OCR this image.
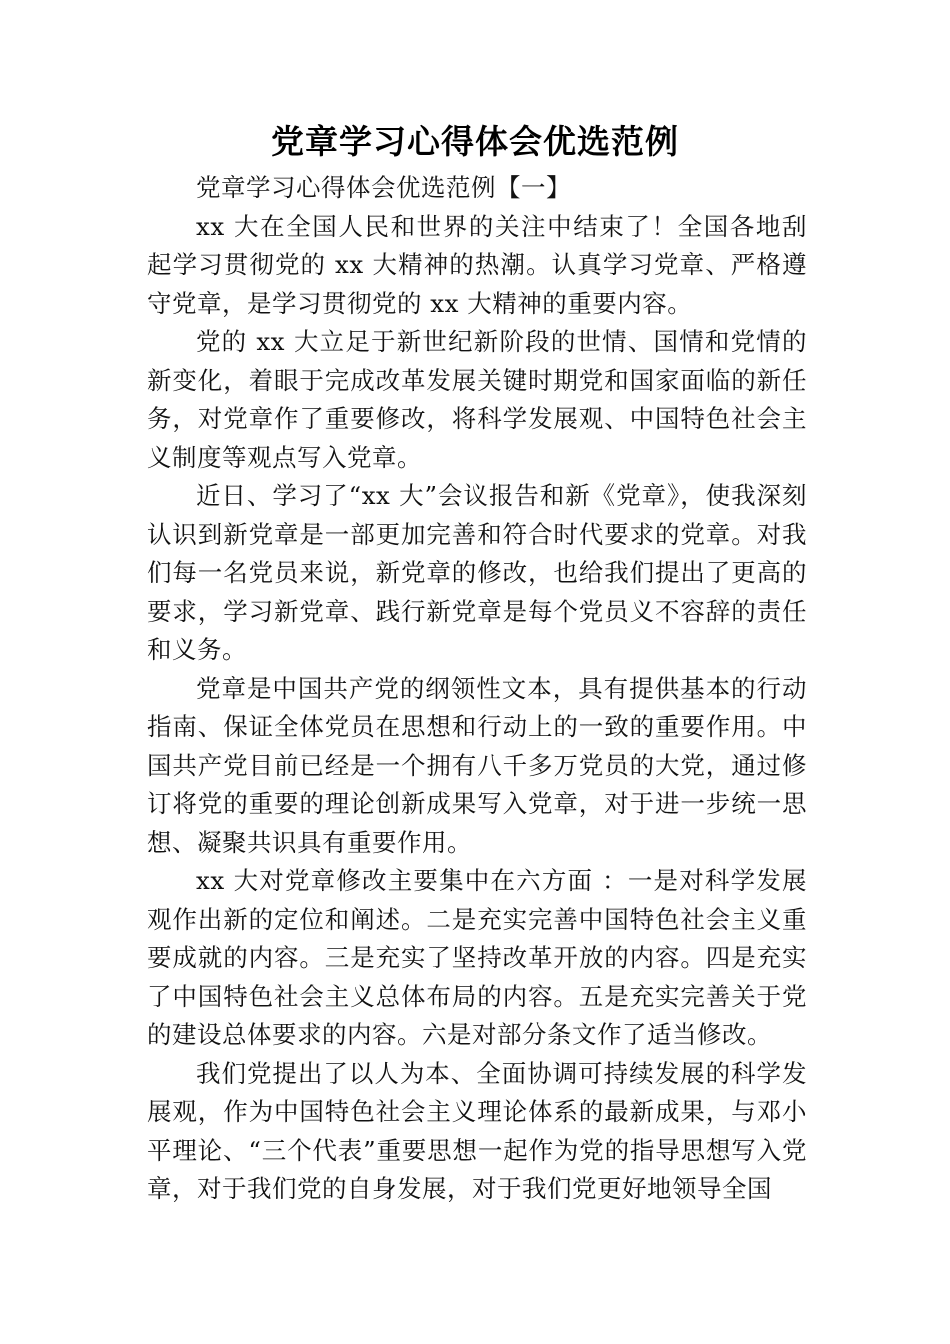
党章学习心得体会优选范例

党章学习心得体会优选范例【一】

xx 大在全国人民和世界的关注中结束了！全国各地刮起学习贯彻党的 xx 大精神的热潮。认真学习党章、严格遵守党章，是学习贯彻党的 xx 大精神的重要内容。

党的 xx 大立足于新世纪新阶段的世情、国情和党情的新变化，着眼于完成改革发展关键时期党和国家面临的新任务，对党章作了重要修改，将科学发展观、中国特色社会主义制度等观点写入党章。

近日、学习了“xx 大”会议报告和新《党章》，使我深刻认识到新党章是一部更加完善和符合时代要求的党章。对我们每一名党员来说，新党章的修改，也给我们提出了更高的要求，学习新党章、践行新党章是每个党员义不容辞的责任和义务。

党章是中国共产党的纲领性文本，具有提供基本的行动指南、保证全体党员在思想和行动上的一致的重要作用。中国共产党目前已经是一个拥有八千多万党员的大党，通过修订将党的重要的理论创新成果写入党章，对于进一步统一思想、凝聚共识具有重要作用。

xx 大对党章修改主要集中在六方面 ：一是对科学发展观作出新的定位和阐述。二是充实完善中国特色社会主义重要成就的内容。三是充实了坚持改革开放的内容。四是充实了中国特色社会主义总体布局的内容。五是充实完善关于党的建设总体要求的内容。六是对部分条文作了适当修改。

我们党提出了以人为本、全面协调可持续发展的科学发展观，作为中国特色社会主义理论体系的最新成果，与邓小平理论、“三个代表”重要思想一起作为党的指导思想写入党章，对于我们党的自身发展，对于我们党更好地领导全国
